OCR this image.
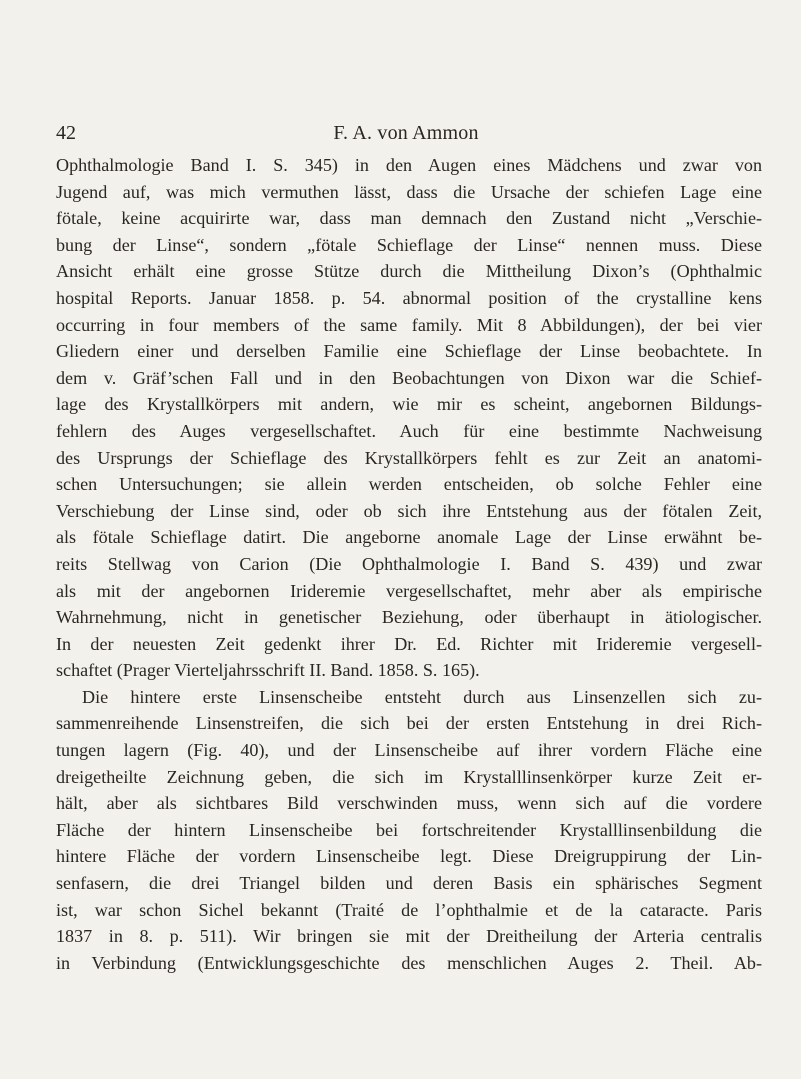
42	F. A. von Ammon
Ophthalmologie Band I. S. 345) in den Augen eines Mädchens und zwar von
Jugend auf, was mich vermuthen lässt, dass die Ursache der schiefen Lage eine
fötale, keine acquirirte war, dass man demnach den Zustand nicht „Verschie-
bung der Linse“, sondern „fötale Schieflage der Linse“ nennen muss. Diese
Ansicht erhält eine grosse Stütze durch die Mittheilung Dixon’s (Ophthalmic
hospital Reports. Januar 1858. p. 54. abnormal position of the crystalline kens
occurring in four members of the same family. Mit 8 Abbildungen), der bei vier
Gliedern einer und derselben Familie eine Schieflage der Linse beobachtete. In
dem v. Gräf’schen Fall und in den Beobachtungen von Dixon war die Schief-
lage des Krystallkörpers mit andern, wie mir es scheint, angebornen Bildungs-
fehlern des Auges vergesellschaftet. Auch für eine bestimmte Nachweisung
des Ursprungs der Schieflage des Krystallkörpers fehlt es zur Zeit an anatomi-
schen Untersuchungen; sie allein werden entscheiden, ob solche Fehler eine
Verschiebung der Linse sind, oder ob sich ihre Entstehung aus der fötalen Zeit,
als fötale Schieflage datirt. Die angeborne anomale Lage der Linse erwähnt be-
reits Stellwag von Carion (Die Ophthalmologie I. Band S. 439) und zwar
als mit der angebornen Irideremie vergesellschaftet, mehr aber als empirische
Wahrnehmung, nicht in genetischer Beziehung, oder überhaupt in ätiologischer.
In der neuesten Zeit gedenkt ihrer Dr. Ed. Richter mit Irideremie vergesell-
schaftet (Prager Vierteljahrsschrift II. Band. 1858. S. 165).
Die hintere erste Linsenscheibe entsteht durch aus Linsenzellen sich zu-
sammenreihende Linsenstreifen, die sich bei der ersten Entstehung in drei Rich-
tungen lagern (Fig. 40), und der Linsenscheibe auf ihrer vordern Fläche eine
dreigetheilte Zeichnung geben, die sich im Krystalllinsenkörper kurze Zeit er-
hält, aber als sichtbares Bild verschwinden muss, wenn sich auf die vordere
Fläche der hintern Linsenscheibe bei fortschreitender Krystalllinsenbildung die
hintere Fläche der vordern Linsenscheibe legt. Diese Dreigruppirung der Lin-
senfasern, die drei Triangel bilden und deren Basis ein sphärisches Segment
ist, war schon Sichel bekannt (Traité de l’ophthalmie et de la cataracte. Paris
1837 in 8. p. 511). Wir bringen sie mit der Dreitheilung der Arteria centralis
in Verbindung (Entwicklungsgeschichte des menschlichen Auges 2. Theil. Ab-
